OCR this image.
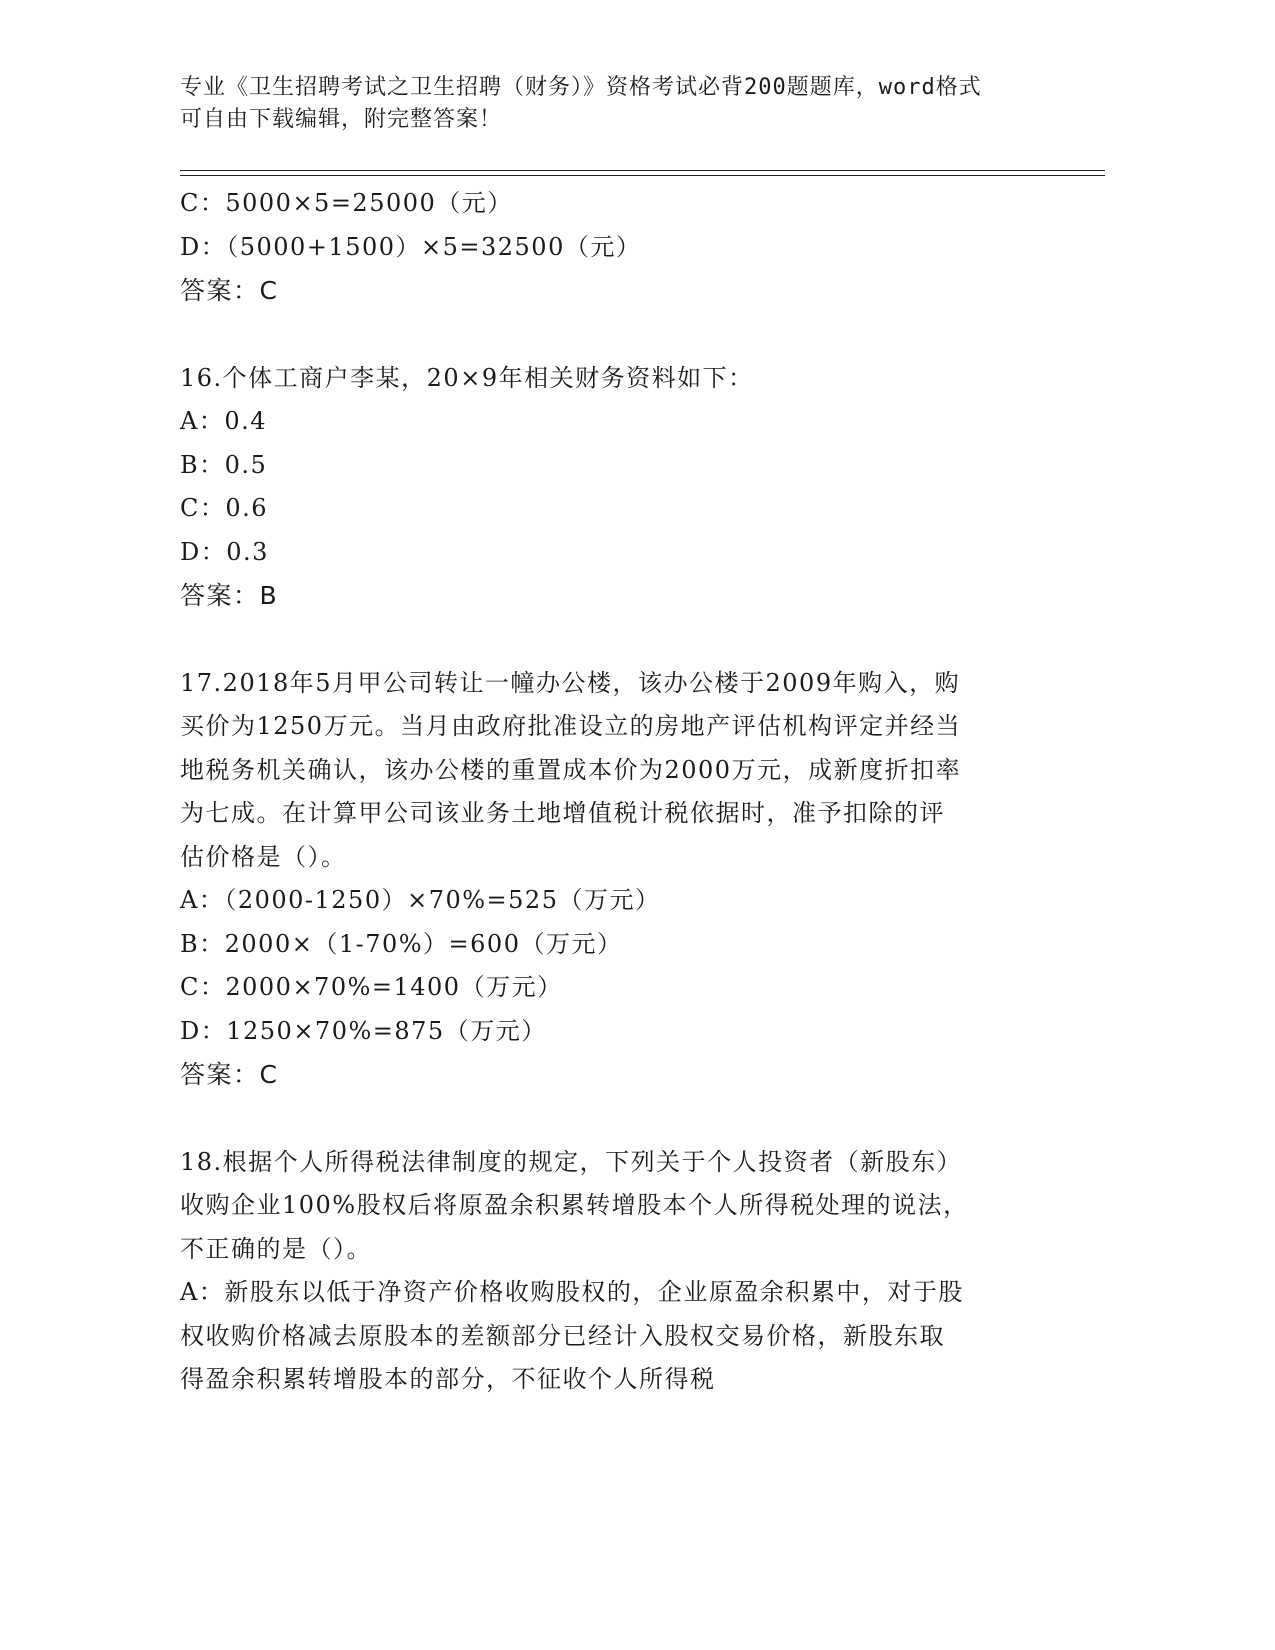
专业《卫生招聘考试之卫生招聘（财务）》资格考试必背200题题库，word格式
可自由下载编辑，附完整答案！
C：5000×5=25000（元）
D：（5000+1500）×5=32500（元）
答案：C
16.个体工商户李某，20×9年相关财务资料如下：
A：0.4
B：0.5
C：0.6
D：0.3
答案：B
17.2018年5月甲公司转让一幢办公楼，该办公楼于2009年购入，购
买价为1250万元。当月由政府批准设立的房地产评估机构评定并经当
地税务机关确认，该办公楼的重置成本价为2000万元，成新度折扣率
为七成。在计算甲公司该业务土地增值税计税依据时，准予扣除的评
估价格是（）。
A：（2000-1250）×70%=525（万元）
B：2000×（1-70%）=600（万元）
C：2000×70%=1400（万元）
D：1250×70%=875（万元）
答案：C
18.根据个人所得税法律制度的规定，下列关于个人投资者（新股东）
收购企业100%股权后将原盈余积累转增股本个人所得税处理的说法，
不正确的是（）。
A：新股东以低于净资产价格收购股权的，企业原盈余积累中，对于股
权收购价格减去原股本的差额部分已经计入股权交易价格，新股东取
得盈余积累转增股本的部分，不征收个人所得税
